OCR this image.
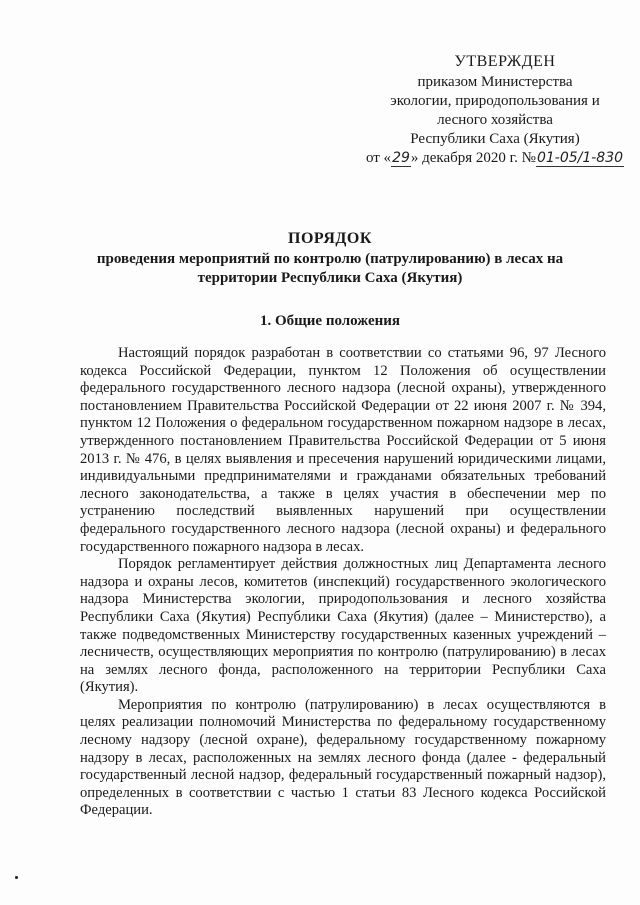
УТВЕРЖДЕН
приказом Министерства
экологии, природопользования и
лесного хозяйства
Республики Саха (Якутия)
от «29» декабря 2020 г. №01-05/1-830
ПОРЯДОК
проведения мероприятий по контролю (патрулированию) в лесах на
территории Республики Саха (Якутия)
1. Общие положения

Настоящий порядок разработан в соответствии со статьями 96, 97 Лесного кодекса Российской Федерации, пунктом 12 Положения об осуществлении федерального государственного лесного надзора (лесной охраны), утвержденного постановлением Правительства Российской Федерации от 22 июня 2007 г. № 394, пунктом 12 Положения о федеральном государственном пожарном надзоре в лесах, утвержденного постановлением Правительства Российской Федерации от 5 июня 2013 г. № 476, в целях выявления и пресечения нарушений юридическими лицами, индивидуальными предпринимателями и гражданами обязательных требований лесного законодательства, а также в целях участия в обеспечении мер по устранению последствий выявленных нарушений при осуществлении федерального государственного лесного надзора (лесной охраны) и федерального государственного пожарного надзора в лесах.

Порядок регламентирует действия должностных лиц Департамента лесного надзора и охраны лесов, комитетов (инспекций) государственного экологического надзора Министерства экологии, природопользования и лесного хозяйства Республики Саха (Якутия) Республики Саха (Якутия) (далее – Министерство), а также подведомственных Министерству государственных казенных учреждений – лесничеств, осуществляющих мероприятия по контролю (патрулированию) в лесах на землях лесного фонда, расположенного на территории Республики Саха (Якутия).

Мероприятия по контролю (патрулированию) в лесах осуществляются в целях реализации полномочий Министерства по федеральному государственному лесному надзору (лесной охране), федеральному государственному пожарному надзору в лесах, расположенных на землях лесного фонда (далее - федеральный государственный лесной надзор, федеральный государственный пожарный надзор), определенных в соответствии с частью 1 статьи 83 Лесного кодекса Российской Федерации.
